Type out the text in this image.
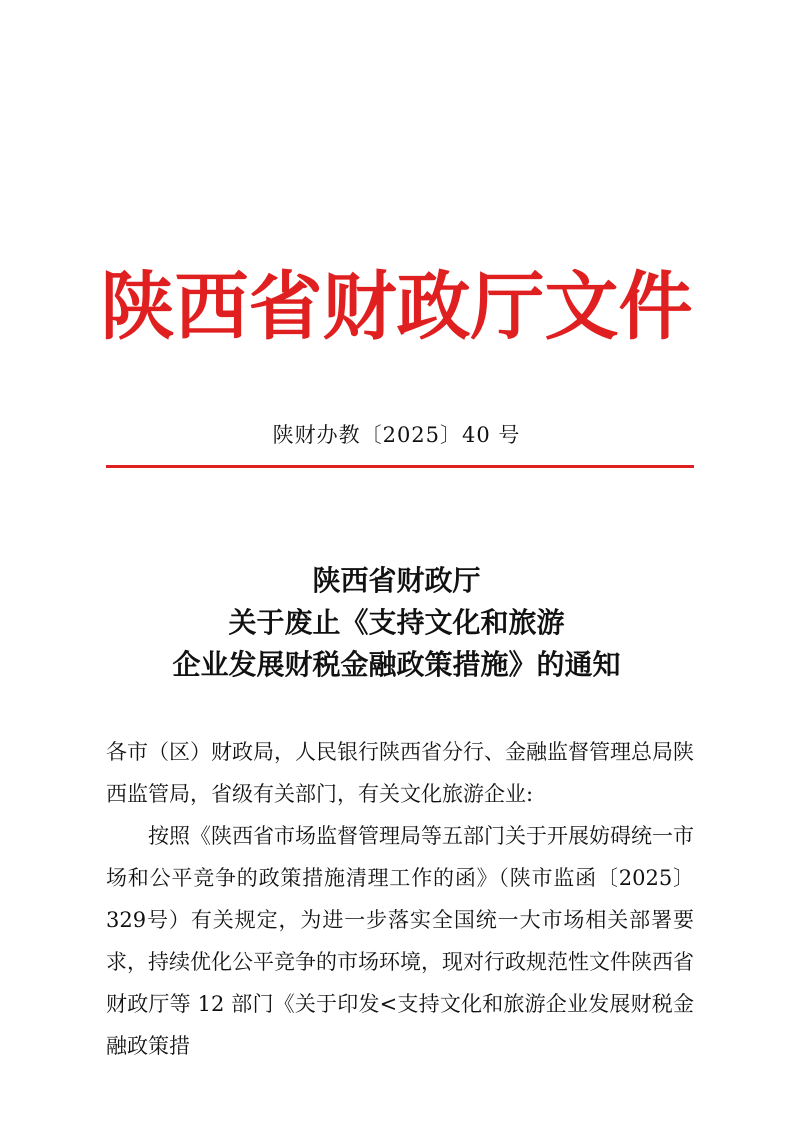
陕西省财政厅文件
陕财办教〔2025〕40 号
陕西省财政厅
关于废止《支持文化和旅游
企业发展财税金融政策措施》的通知

各市（区）财政局，人民银行陕西省分行、金融监督管理总局陕西监管局，省级有关部门，有关文化旅游企业:

按照《陕西省市场监督管理局等五部门关于开展妨碍统一市场和公平竞争的政策措施清理工作的函》（陕市监函〔2025〕329号）有关规定，为进一步落实全国统一大市场相关部署要求，持续优化公平竞争的市场环境，现对行政规范性文件陕西省财政厅等 12 部门《关于印发<支持文化和旅游企业发展财税金融政策措
